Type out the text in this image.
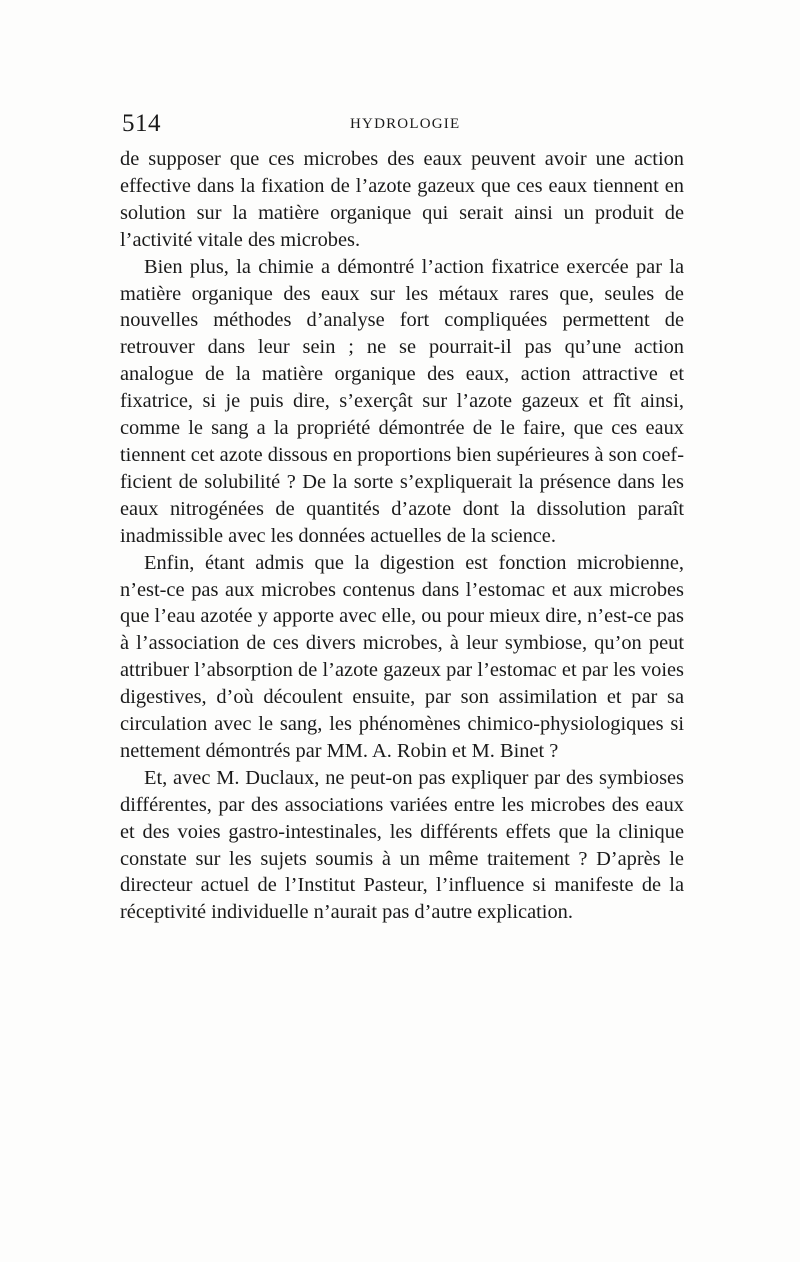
514	HYDROLOGIE

de supposer que ces microbes des eaux peuvent avoir une action effective dans la fixation de l’azote gazeux que ces eaux tiennent en solution sur la matière organique qui serait ainsi un produit de l’activité vitale des microbes.

Bien plus, la chimie a démontré l’action fixatrice exercée par la matière organique des eaux sur les métaux rares que, seules de nouvelles méthodes d’analyse fort compliquées permettent de retrouver dans leur sein ; ne se pourrait-il pas qu’une action analogue de la matière organique des eaux, action attractive et fixatrice, si je puis dire, s’exerçât sur l’azote gazeux et fît ainsi, comme le sang a la propriété démontrée de le faire, que ces eaux tiennent cet azote dissous en proportions bien supérieures à son coefficient de solubilité ? De la sorte s’expliquerait la présence dans les eaux nitrogénées de quantités d’azote dont la dissolution paraît inadmissible avec les données actuelles de la science.

Enfin, étant admis que la digestion est fonction microbienne, n’est-ce pas aux microbes contenus dans l’estomac et aux microbes que l’eau azotée y apporte avec elle, ou pour mieux dire, n’est-ce pas à l’association de ces divers microbes, à leur symbiose, qu’on peut attribuer l’absorption de l’azote gazeux par l’estomac et par les voies digestives, d’où découlent ensuite, par son assimilation et par sa circulation avec le sang, les phénomènes chimico-physiologiques si nettement démontrés par MM. A. Robin et M. Binet ?

Et, avec M. Duclaux, ne peut-on pas expliquer par des symbioses différentes, par des associations variées entre les microbes des eaux et des voies gastro-intestinales, les différents effets que la clinique constate sur les sujets soumis à un même traitement ? D’après le directeur actuel de l’Institut Pasteur, l’influence si manifeste de la réceptivité individuelle n’aurait pas d’autre explication.
